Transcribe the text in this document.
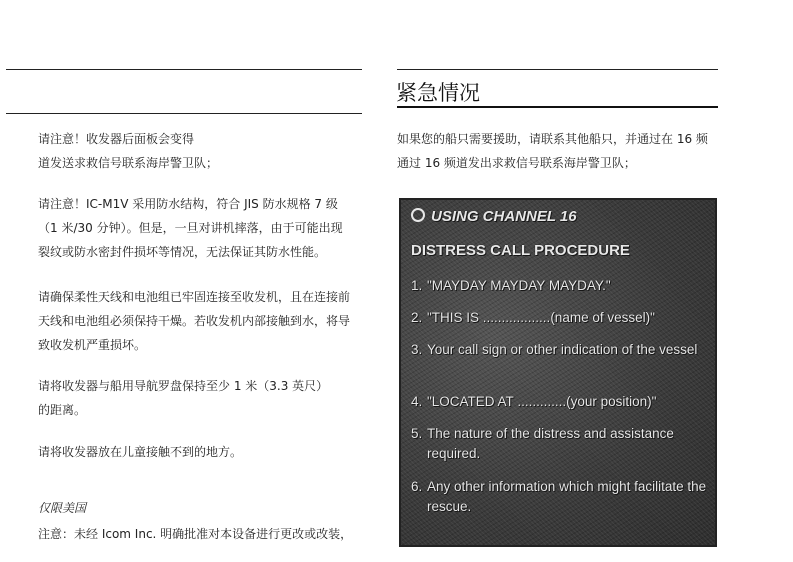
请注意！收发器后面板会变得
道发送求救信号联系海岸警卫队；
请注意！IC-M1V 采用防水结构，符合 JIS 防水规格 7 级
（1 米/30 分钟）。但是，一旦对讲机摔落，由于可能出现
裂纹或防水密封件损坏等情况，无法保证其防水性能。
请确保柔性天线和电池组已牢固连接至收发机，且在连接前
天线和电池组必须保持干燥。若收发机内部接触到水，将导
致收发机严重损坏。
请将收发器与船用导航罗盘保持至少 1 米（3.3 英尺）
的距离。
请将收发器放在儿童接触不到的地方。
仅限美国
注意：未经 Icom Inc. 明确批准对本设备进行更改或改装，
紧急情况
如果您的船只需要援助，请联系其他船只，并通过在 16 频
通过 16 频道发出求救信号联系海岸警卫队；
USING CHANNEL 16
DISTRESS CALL PROCEDURE
1. "MAYDAY MAYDAY MAYDAY."
2. "THIS IS ..................(name of vessel)"
3. Your call sign or other indication of the vessel
4. "LOCATED AT .............(your position)"
5. The nature of the distress and assistance required.
6. Any other information which might facilitate the rescue.
